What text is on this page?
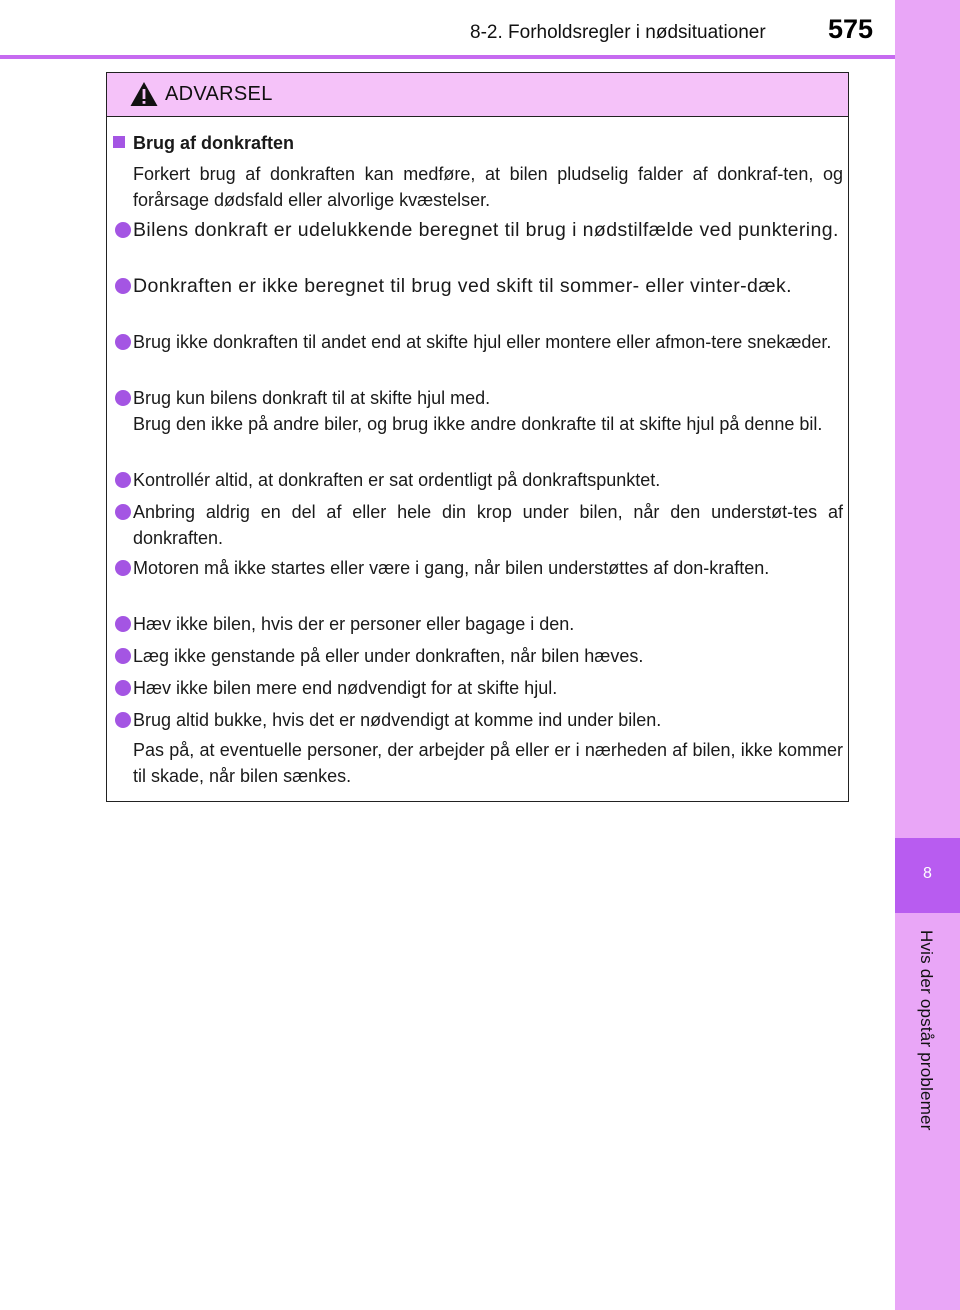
8-2. Forholdsregler i nødsituationer 575
8
Hvis der opstår problemer
ADVARSEL
Brug af donkraften
Forkert brug af donkraften kan medføre, at bilen pludselig falder af donkraf-ten, og forårsage dødsfald eller alvorlige kvæstelser.
Bilens donkraft er udelukkende beregnet til brug i nødstilfælde ved punktering.
Donkraften er ikke beregnet til brug ved skift til sommer- eller vinter-dæk.
Brug ikke donkraften til andet end at skifte hjul eller montere eller afmon-tere snekæder.
Brug kun bilens donkraft til at skifte hjul med.
Brug den ikke på andre biler, og brug ikke andre donkrafte til at skifte hjul på denne bil.
Kontrollér altid, at donkraften er sat ordentligt på donkraftspunktet.
Anbring aldrig en del af eller hele din krop under bilen, når den understøt-tes af donkraften.
Motoren må ikke startes eller være i gang, når bilen understøttes af don-kraften.
Hæv ikke bilen, hvis der er personer eller bagage i den.
Læg ikke genstande på eller under donkraften, når bilen hæves.
Hæv ikke bilen mere end nødvendigt for at skifte hjul.
Brug altid bukke, hvis det er nødvendigt at komme ind under bilen.
Pas på, at eventuelle personer, der arbejder på eller er i nærheden af bilen, ikke kommer til skade, når bilen sænkes.
